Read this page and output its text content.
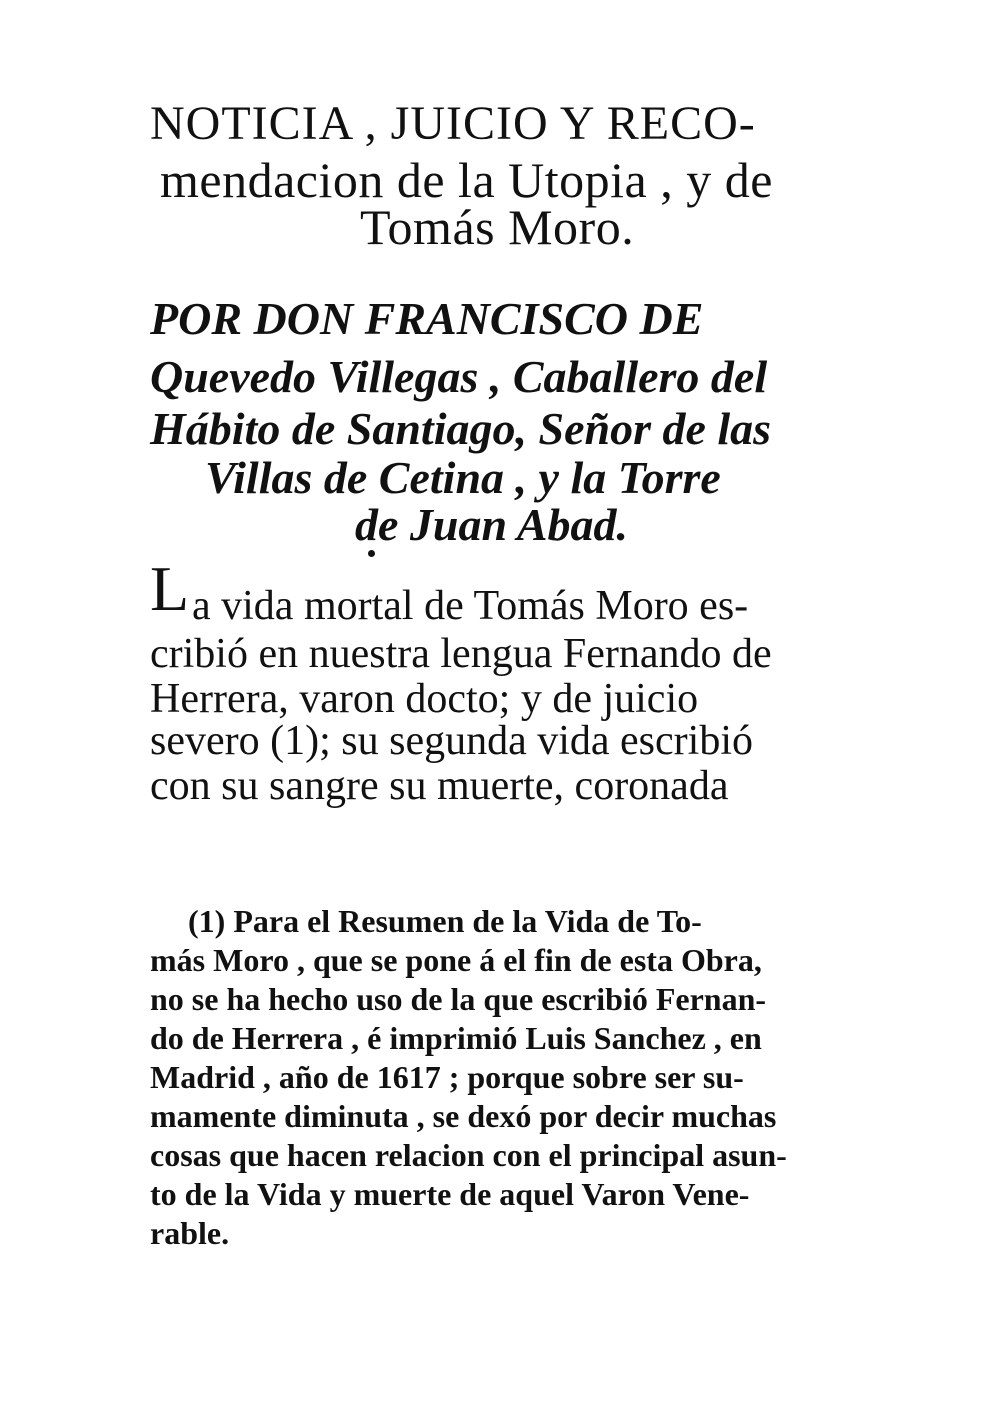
NOTICIA , JUICIO Y RECO-
mendacion de la Utopia , y de
Tomás Moro.
POR DON FRANCISCO DE
Quevedo Villegas , Caballero del
Hábito de Santiago, Señor de las
Villas de Cetina , y la Torre
de Juan Abad.
L a vida mortal de Tomás Moro es-
cribió en nuestra lengua Fernando de
Herrera, varon docto; y de juicio
severo (1); su segunda vida escribió
con su sangre su muerte, coronada
(1) Para el Resumen de la Vida de To-
más Moro , que se pone á el fin de esta Obra,
no se ha hecho uso de la que escribió Fernan-
do de Herrera , é imprimió Luis Sanchez , en
Madrid , año de 1617 ; porque sobre ser su-
mamente diminuta , se dexó por decir muchas
cosas que hacen relacion con el principal asun-
to de la Vida y muerte de aquel Varon Vene-
rable.
